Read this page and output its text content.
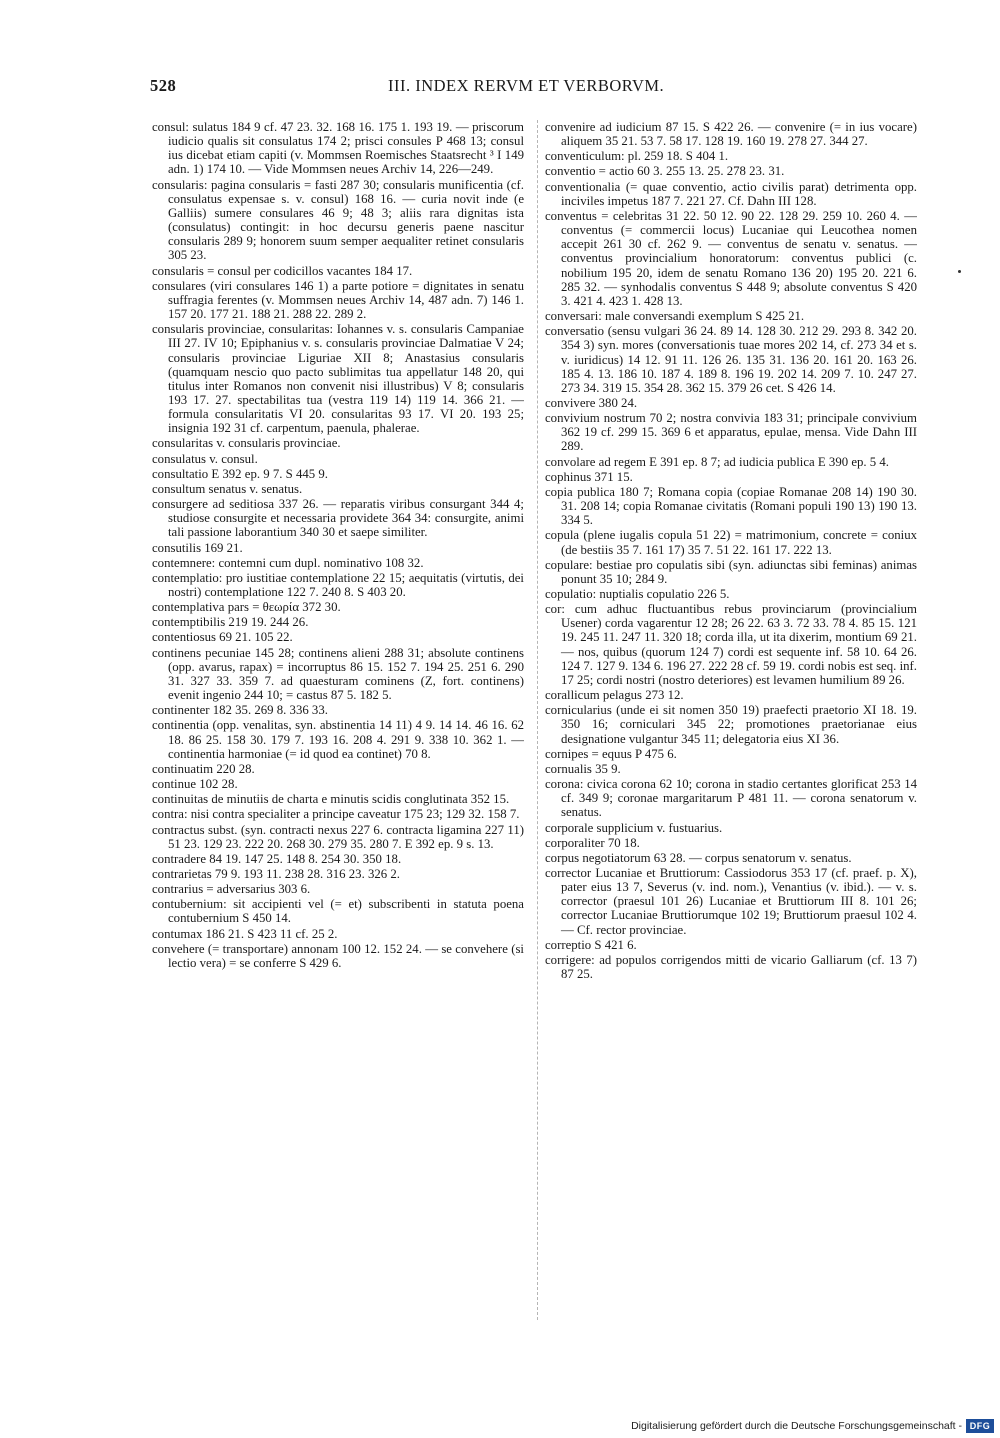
528	III. INDEX RERVM ET VERBORVM.
consul: sulatus 184 9 cf. 47 23. 32. 168 16. 175 1. 193 19. — priscorum iudicio qualis sit consulatus 174 2; prisci consules P 468 13; consul ius dicebat etiam capiti (v. Mommsen Roemisches Staatsrecht ³ I 149 adn. 1) 174 10. — Vide Mommsen neues Archiv 14, 226—249.
consularis: pagina consularis = fasti 287 30; consularis munificentia (cf. consulatus expensae s. v. consul) 168 16. — curia novit inde (e Galliis) sumere consulares 46 9; 48 3; aliis rara dignitas ista (consulatus) contingit: in hoc decursu generis paene nascitur consularis 289 9; honorem suum semper aequaliter retinet consularis 305 23.
consularis = consul per codicillos vacantes 184 17.
consulares (viri consulares 146 1) a parte potiore = dignitates in senatu suffragia ferentes (v. Mommsen neues Archiv 14, 487 adn. 7) 146 1. 157 20. 177 21. 188 21. 288 22. 289 2.
consularis provinciae, consularitas: Iohannes v. s. consularis Campaniae III 27. IV 10; Epiphanius v. s. consularis provinciae Dalmatiae V 24; consularis provinciae Liguriae XII 8; Anastasius consularis (quamquam nescio quo pacto sublimitas tua appellatur 148 20, qui titulus inter Romanos non convenit nisi illustribus) V 8; consularis 193 17. 27. spectabilitas tua (vestra 119 14) 119 14. 366 21. — formula consularitatis VI 20. consularitas 93 17. VI 20. 193 25; insignia 192 31 cf. carpentum, paenula, phalerae.
consularitas v. consularis provinciae.
consulatus v. consul.
consultatio E 392 ep. 9 7. S 445 9.
consultum senatus v. senatus.
consurgere ad seditiosa 337 26. — reparatis viribus consurgant 344 4; studiose consurgite et necessaria providete 364 34: consurgite, animi tali passione laborantium 340 30 et saepe similiter.
consutilis 169 21.
contemnere: contemni cum dupl. nominativo 108 32.
contemplatio: pro iustitiae contemplatione 22 15; aequitatis (virtutis, dei nostri) contemplatione 122 7. 240 8. S 403 20.
contemplativa pars = θεωρία 372 30.
contemptibilis 219 19. 244 26.
contentiosus 69 21. 105 22.
continens pecuniae 145 28; continens alieni 288 31; absolute continens (opp. avarus, rapax) = incorruptus 86 15. 152 7. 194 25. 251 6. 290 31. 327 33. 359 7. ad quaesturam cominens (Z, fort. continens) evenit ingenio 244 10; = castus 87 5. 182 5.
continenter 182 35. 269 8. 336 33.
continentia (opp. venalitas, syn. abstinentia 14 11) 4 9. 14 14. 46 16. 62 18. 86 25. 158 30. 179 7. 193 16. 208 4. 291 9. 338 10. 362 1. — continentia harmoniae (= id quod ea continet) 70 8.
continuatim 220 28.
continue 102 28.
continuitas de minutiis de charta e minutis scidis conglutinata 352 15.
contra: nisi contra specialiter a principe caveatur 175 23; 129 32. 158 7.
contractus subst. (syn. contracti nexus 227 6. contracta ligamina 227 11) 51 23. 129 23. 222 20. 268 30. 279 35. 280 7. E 392 ep. 9 s. 13.
contradere 84 19. 147 25. 148 8. 254 30. 350 18.
contrarietas 79 9. 193 11. 238 28. 316 23. 326 2.
contrarius = adversarius 303 6.
contubernium: sit accipienti vel (= et) subscribenti in statuta poena contubernium S 450 14.
contumax 186 21. S 423 11 cf. 25 2.
convehere (= transportare) annonam 100 12. 152 24. — se convehere (si lectio vera) = se conferre S 429 6.
convenire ad iudicium 87 15. S 422 26. — convenire (= in ius vocare) aliquem 35 21. 53 7. 58 17. 128 19. 160 19. 278 27. 344 27.
conventiculum: pl. 259 18. S 404 1.
conventio = actio 60 3. 255 13. 25. 278 23. 31.
conventionalia (= quae conventio, actio civilis parat) detrimenta opp. inciviles impetus 187 7. 221 27. Cf. Dahn III 128.
conventus = celebritas 31 22. 50 12. 90 22. 128 29. 259 10. 260 4. — conventus (= commercii locus) Lucaniae qui Leucothea nomen accepit 261 30 cf. 262 9. — conventus de senatu v. senatus. — conventus provincialium honoratorum: conventus publici (c. nobilium 195 20, idem de senatu Romano 136 20) 195 20. 221 6. 285 32. — synhodalis conventus S 448 9; absolute conventus S 420 3. 421 4. 423 1. 428 13.
conversari: male conversandi exemplum S 425 21.
conversatio (sensu vulgari 36 24. 89 14. 128 30. 212 29. 293 8. 342 20. 354 3) syn. mores (conversationis tuae mores 202 14, cf. 273 34 et s. v. iuridicus) 14 12. 91 11. 126 26. 135 31. 136 20. 161 20. 163 26. 185 4. 13. 186 10. 187 4. 189 8. 196 19. 202 14. 209 7. 10. 247 27. 273 34. 319 15. 354 28. 362 15. 379 26 cet. S 426 14.
convivere 380 24.
convivium nostrum 70 2; nostra convivia 183 31; principale convivium 362 19 cf. 299 15. 369 6 et apparatus, epulae, mensa. Vide Dahn III 289.
convolare ad regem E 391 ep. 8 7; ad iudicia publica E 390 ep. 5 4.
cophinus 371 15.
copia publica 180 7; Romana copia (copiae Romanae 208 14) 190 30. 31. 208 14; copia Romanae civitatis (Romani populi 190 13) 190 13. 334 5.
copula (plene iugalis copula 51 22) = matrimonium, concrete = coniux (de bestiis 35 7. 161 17) 35 7. 51 22. 161 17. 222 13.
copulare: bestiae pro copulatis sibi (syn. adiunctas sibi feminas) animas ponunt 35 10; 284 9.
copulatio: nuptialis copulatio 226 5.
cor: cum adhuc fluctuantibus rebus provinciarum (provincialium Usener) corda vagarentur 12 28; 26 22. 63 3. 72 33. 78 4. 85 15. 121 19. 245 11. 247 11. 320 18; corda illa, ut ita dixerim, montium 69 21. — nos, quibus (quorum 124 7) cordi est sequente inf. 58 10. 64 26. 124 7. 127 9. 134 6. 196 27. 222 28 cf. 59 19. cordi nobis est seq. inf. 17 25; cordi nostri (nostro deteriores) est levamen humilium 89 26.
corallicum pelagus 273 12.
cornicularius (unde ei sit nomen 350 19) praefecti praetorio XI 18. 19. 350 16; corniculari 345 22; promotiones praetorianae eius designatione vulgantur 345 11; delegatoria eius XI 36.
cornipes = equus P 475 6.
cornualis 35 9.
corona: civica corona 62 10; corona in stadio certantes glorificat 253 14 cf. 349 9; coronae margaritarum P 481 11. — corona senatorum v. senatus.
corporale supplicium v. fustuarius.
corporaliter 70 18.
corpus negotiatorum 63 28. — corpus senatorum v. senatus.
corrector Lucaniae et Bruttiorum: Cassiodorus 353 17 (cf. praef. p. X), pater eius 13 7, Severus (v. ind. nom.), Venantius (v. ibid.). — v. s. corrector (praesul 101 26) Lucaniae et Bruttiorum III 8. 101 26; corrector Lucaniae Bruttiorumque 102 19; Bruttiorum praesul 102 4. — Cf. rector provinciae.
correptio S 421 6.
corrigere: ad populos corrigendos mitti de vicario Galliarum (cf. 13 7) 87 25.
Digitalisierung gefördert durch die Deutsche Forschungsgemeinschaft - DFG
